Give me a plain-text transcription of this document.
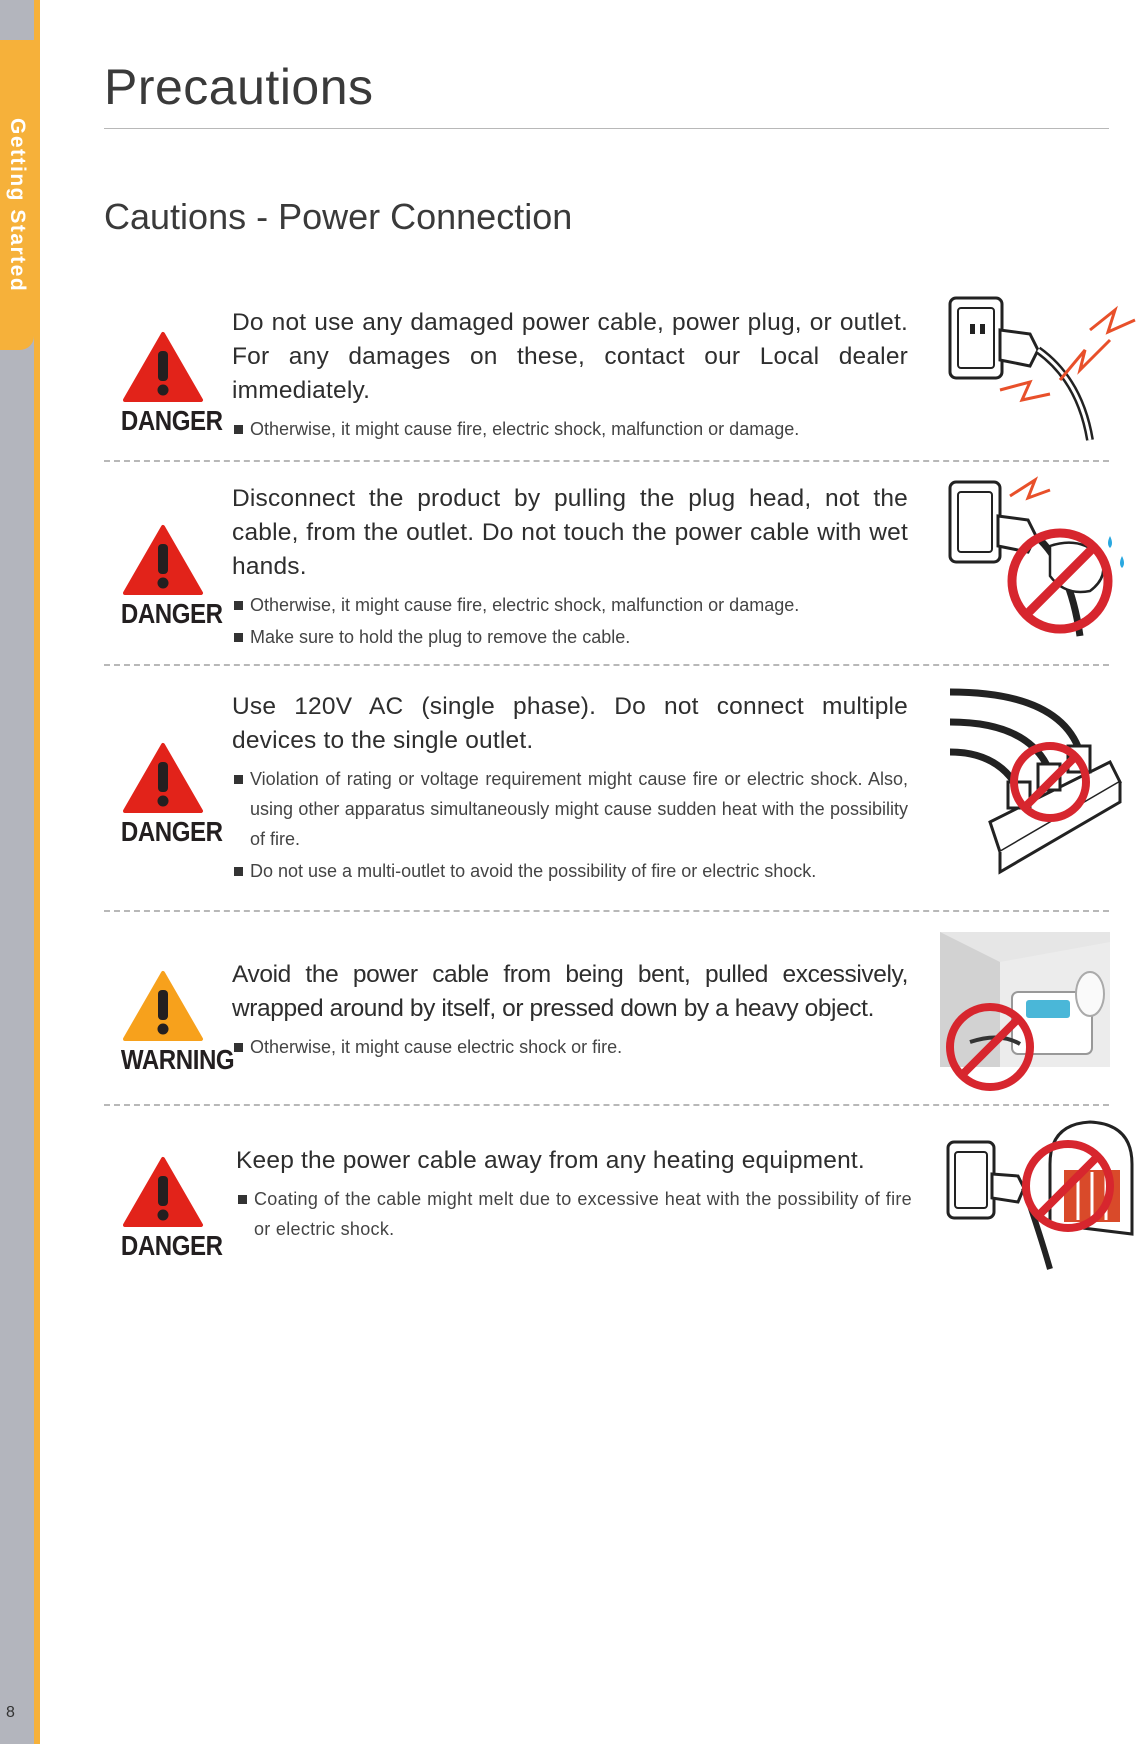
Getting Started
8
Precautions
Cautions - Power Connection
DANGER

Do not use any damaged power cable, power plug, or outlet. For any damages on these, contact our Local dealer immediately.

Otherwise, it might cause fire, electric shock, malfunction or damage.

DANGER

Disconnect the product by pulling the plug head, not the cable, from the outlet. Do not touch the power cable with wet hands.

Otherwise, it might cause fire, electric shock, malfunction or damage.

Make sure to hold the plug to remove the cable.

DANGER

Use 120V AC (single phase). Do not connect multiple devices to the single outlet.

Violation of rating or voltage requirement might cause fire or electric shock. Also, using other apparatus simultaneously might cause sudden heat with the possibility of fire.

Do not use a multi-outlet to avoid the possibility of fire or electric shock.

WARNING

Avoid the power cable from being bent, pulled excessively, wrapped around by itself, or pressed down by a heavy object.

Otherwise, it might cause electric shock or fire.

DANGER

Keep the power cable away from any heating equipment.

Coating of the cable might melt due to excessive heat with the possibility of fire or electric shock.
